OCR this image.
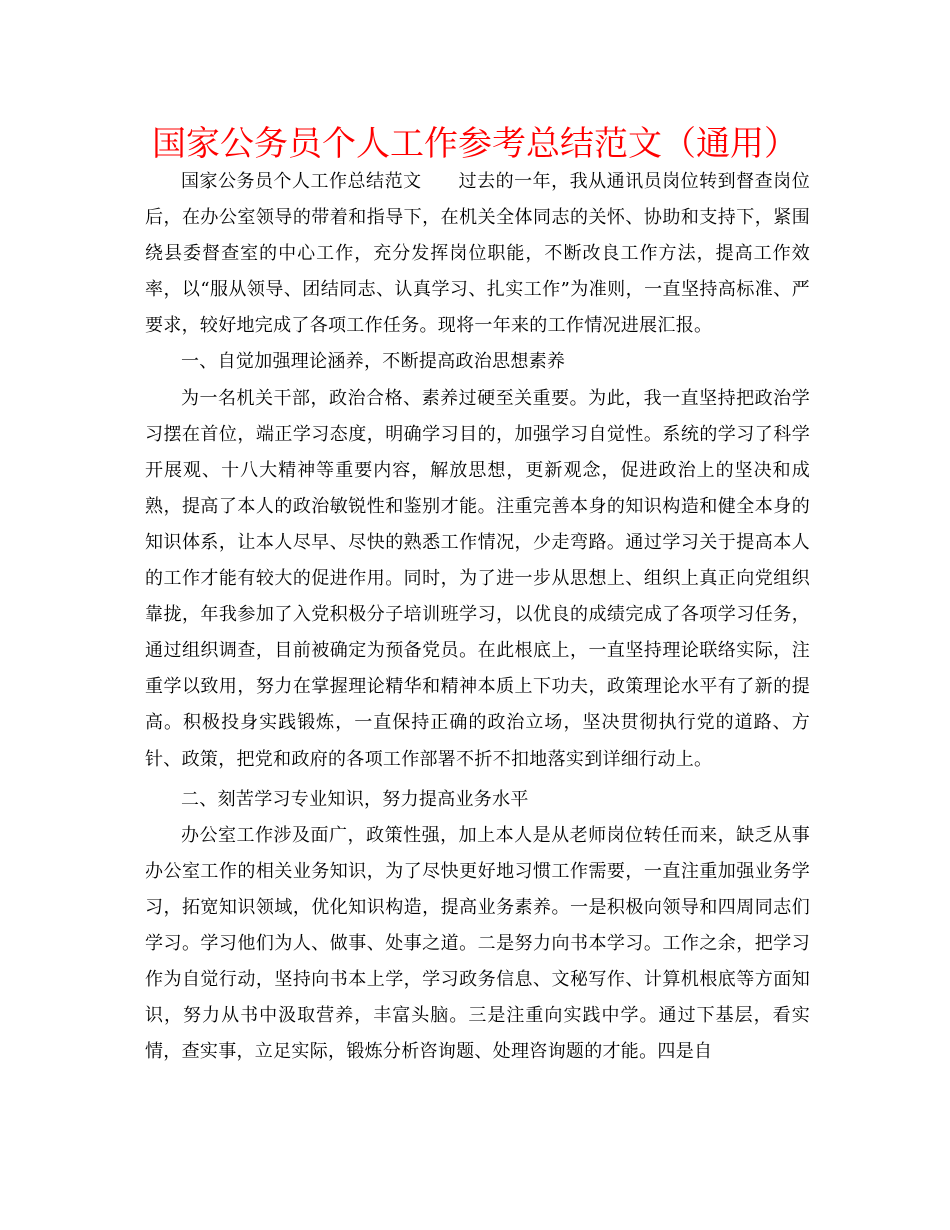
国家公务员个人工作参考总结范文（通用）

国家公务员个人工作总结范文　　过去的一年，我从通讯员岗位转到督查岗位后，在办公室领导的带着和指导下，在机关全体同志的关怀、协助和支持下，紧围绕县委督查室的中心工作，充分发挥岗位职能，不断改良工作方法，提高工作效率，以“服从领导、团结同志、认真学习、扎实工作”为准则，一直坚持高标准、严要求，较好地完成了各项工作任务。现将一年来的工作情况进展汇报。

一、自觉加强理论涵养，不断提高政治思想素养

为一名机关干部，政治合格、素养过硬至关重要。为此，我一直坚持把政治学习摆在首位，端正学习态度，明确学习目的，加强学习自觉性。系统的学习了科学开展观、十八大精神等重要内容，解放思想，更新观念，促进政治上的坚决和成熟，提高了本人的政治敏锐性和鉴别才能。注重完善本身的知识构造和健全本身的知识体系，让本人尽早、尽快的熟悉工作情况，少走弯路。通过学习关于提高本人的工作才能有较大的促进作用。同时，为了进一步从思想上、组织上真正向党组织靠拢，年我参加了入党积极分子培训班学习，以优良的成绩完成了各项学习任务，通过组织调查，目前被确定为预备党员。在此根底上，一直坚持理论联络实际，注重学以致用，努力在掌握理论精华和精神本质上下功夫，政策理论水平有了新的提高。积极投身实践锻炼，一直保持正确的政治立场，坚决贯彻执行党的道路、方针、政策，把党和政府的各项工作部署不折不扣地落实到详细行动上。

二、刻苦学习专业知识，努力提高业务水平

办公室工作涉及面广，政策性强，加上本人是从老师岗位转任而来，缺乏从事办公室工作的相关业务知识，为了尽快更好地习惯工作需要，一直注重加强业务学习，拓宽知识领域，优化知识构造，提高业务素养。一是积极向领导和四周同志们学习。学习他们为人、做事、处事之道。二是努力向书本学习。工作之余，把学习作为自觉行动，坚持向书本上学，学习政务信息、文秘写作、计算机根底等方面知识，努力从书中汲取营养，丰富头脑。三是注重向实践中学。通过下基层，看实情，查实事，立足实际，锻炼分析咨询题、处理咨询题的才能。四是自
